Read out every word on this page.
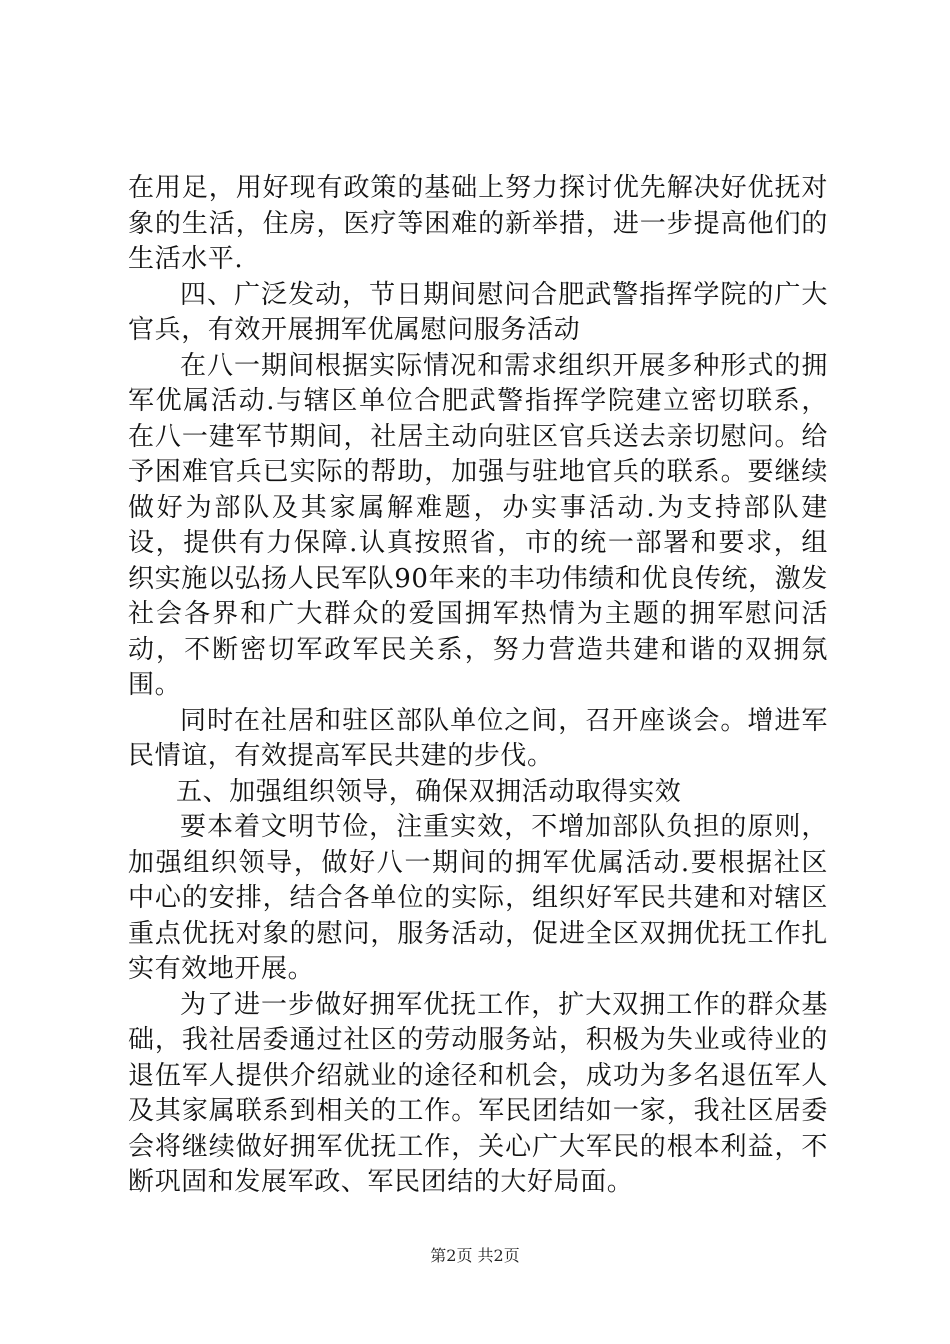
在用足，用好现有政策的基础上努力探讨优先解决好优抚对象的生活，住房，医疗等困难的新举措，进一步提高他们的生活水平.

四、广泛发动，节日期间慰问合肥武警指挥学院的广大官兵，有效开展拥军优属慰问服务活动

在八一期间根据实际情况和需求组织开展多种形式的拥军优属活动.与辖区单位合肥武警指挥学院建立密切联系，在八一建军节期间，社居主动向驻区官兵送去亲切慰问。给予困难官兵已实际的帮助，加强与驻地官兵的联系。要继续做好为部队及其家属解难题，办实事活动.为支持部队建设，提供有力保障.认真按照省，市的统一部署和要求，组织实施以弘扬人民军队90年来的丰功伟绩和优良传统，激发社会各界和广大群众的爱国拥军热情为主题的拥军慰问活动，不断密切军政军民关系，努力营造共建和谐的双拥氛围。

同时在社居和驻区部队单位之间，召开座谈会。增进军民情谊，有效提高军民共建的步伐。

五、加强组织领导，确保双拥活动取得实效

要本着文明节俭，注重实效，不增加部队负担的原则，加强组织领导，做好八一期间的拥军优属活动.要根据社区中心的安排，结合各单位的实际，组织好军民共建和对辖区重点优抚对象的慰问，服务活动，促进全区双拥优抚工作扎实有效地开展。

为了进一步做好拥军优抚工作，扩大双拥工作的群众基础，我社居委通过社区的劳动服务站，积极为失业或待业的退伍军人提供介绍就业的途径和机会，成功为多名退伍军人及其家属联系到相关的工作。军民团结如一家，我社区居委会将继续做好拥军优抚工作，关心广大军民的根本利益，不断巩固和发展军政、军民团结的大好局面。

第2页 共2页
